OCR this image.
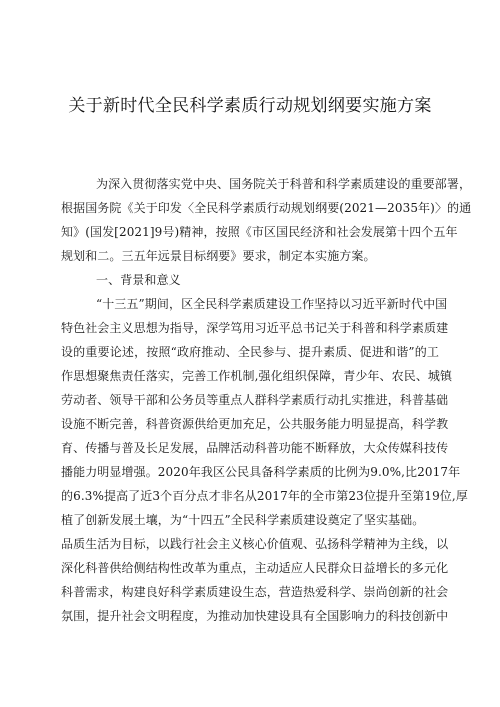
关于新时代全民科学素质行动规划纲要实施方案
为深入贯彻落实党中央、国务院关于科普和科学素质建设的重要部署，
根据国务院《关于印发〈全民科学素质行动规划纲要(2021—2035年)〉的通
知》(国发[2021]9号)精神，按照《市区国民经济和社会发展第十四个五年
规划和二。三五年远景目标纲要》要求，制定本实施方案。
一、背景和意义
“十三五”期间，区全民科学素质建设工作坚持以习近平新时代中国
特色社会主义思想为指导，深学笃用习近平总书记关于科普和科学素质建
设的重要论述，按照“政府推动、全民参与、提升素质、促进和谐”的工
作思想聚焦责任落实，完善工作机制,强化组织保障，青少年、农民、城镇
劳动者、领导干部和公务员等重点人群科学素质行动扎实推进，科普基础
设施不断完善，科普资源供给更加充足，公共服务能力明显提高，科学教
育、传播与普及长足发展，品牌活动科普功能不断释放，大众传媒科技传
播能力明显增强。2020年我区公民具备科学素质的比例为9.0%,比2017年
的6.3%提高了近3个百分点才非名从2017年的全市第23位提升至第19位,厚
植了创新发展土壤，为“十四五”全民科学素质建设奠定了坚实基础。
品质生活为目标，以践行社会主义核心价值观、弘扬科学精神为主线，以
深化科普供给侧结构性改革为重点，主动适应人民群众日益增长的多元化
科普需求，构建良好科学素质建设生态，营造热爱科学、崇尚创新的社会
氛围，提升社会文明程度，为推动加快建设具有全国影响力的科技创新中
